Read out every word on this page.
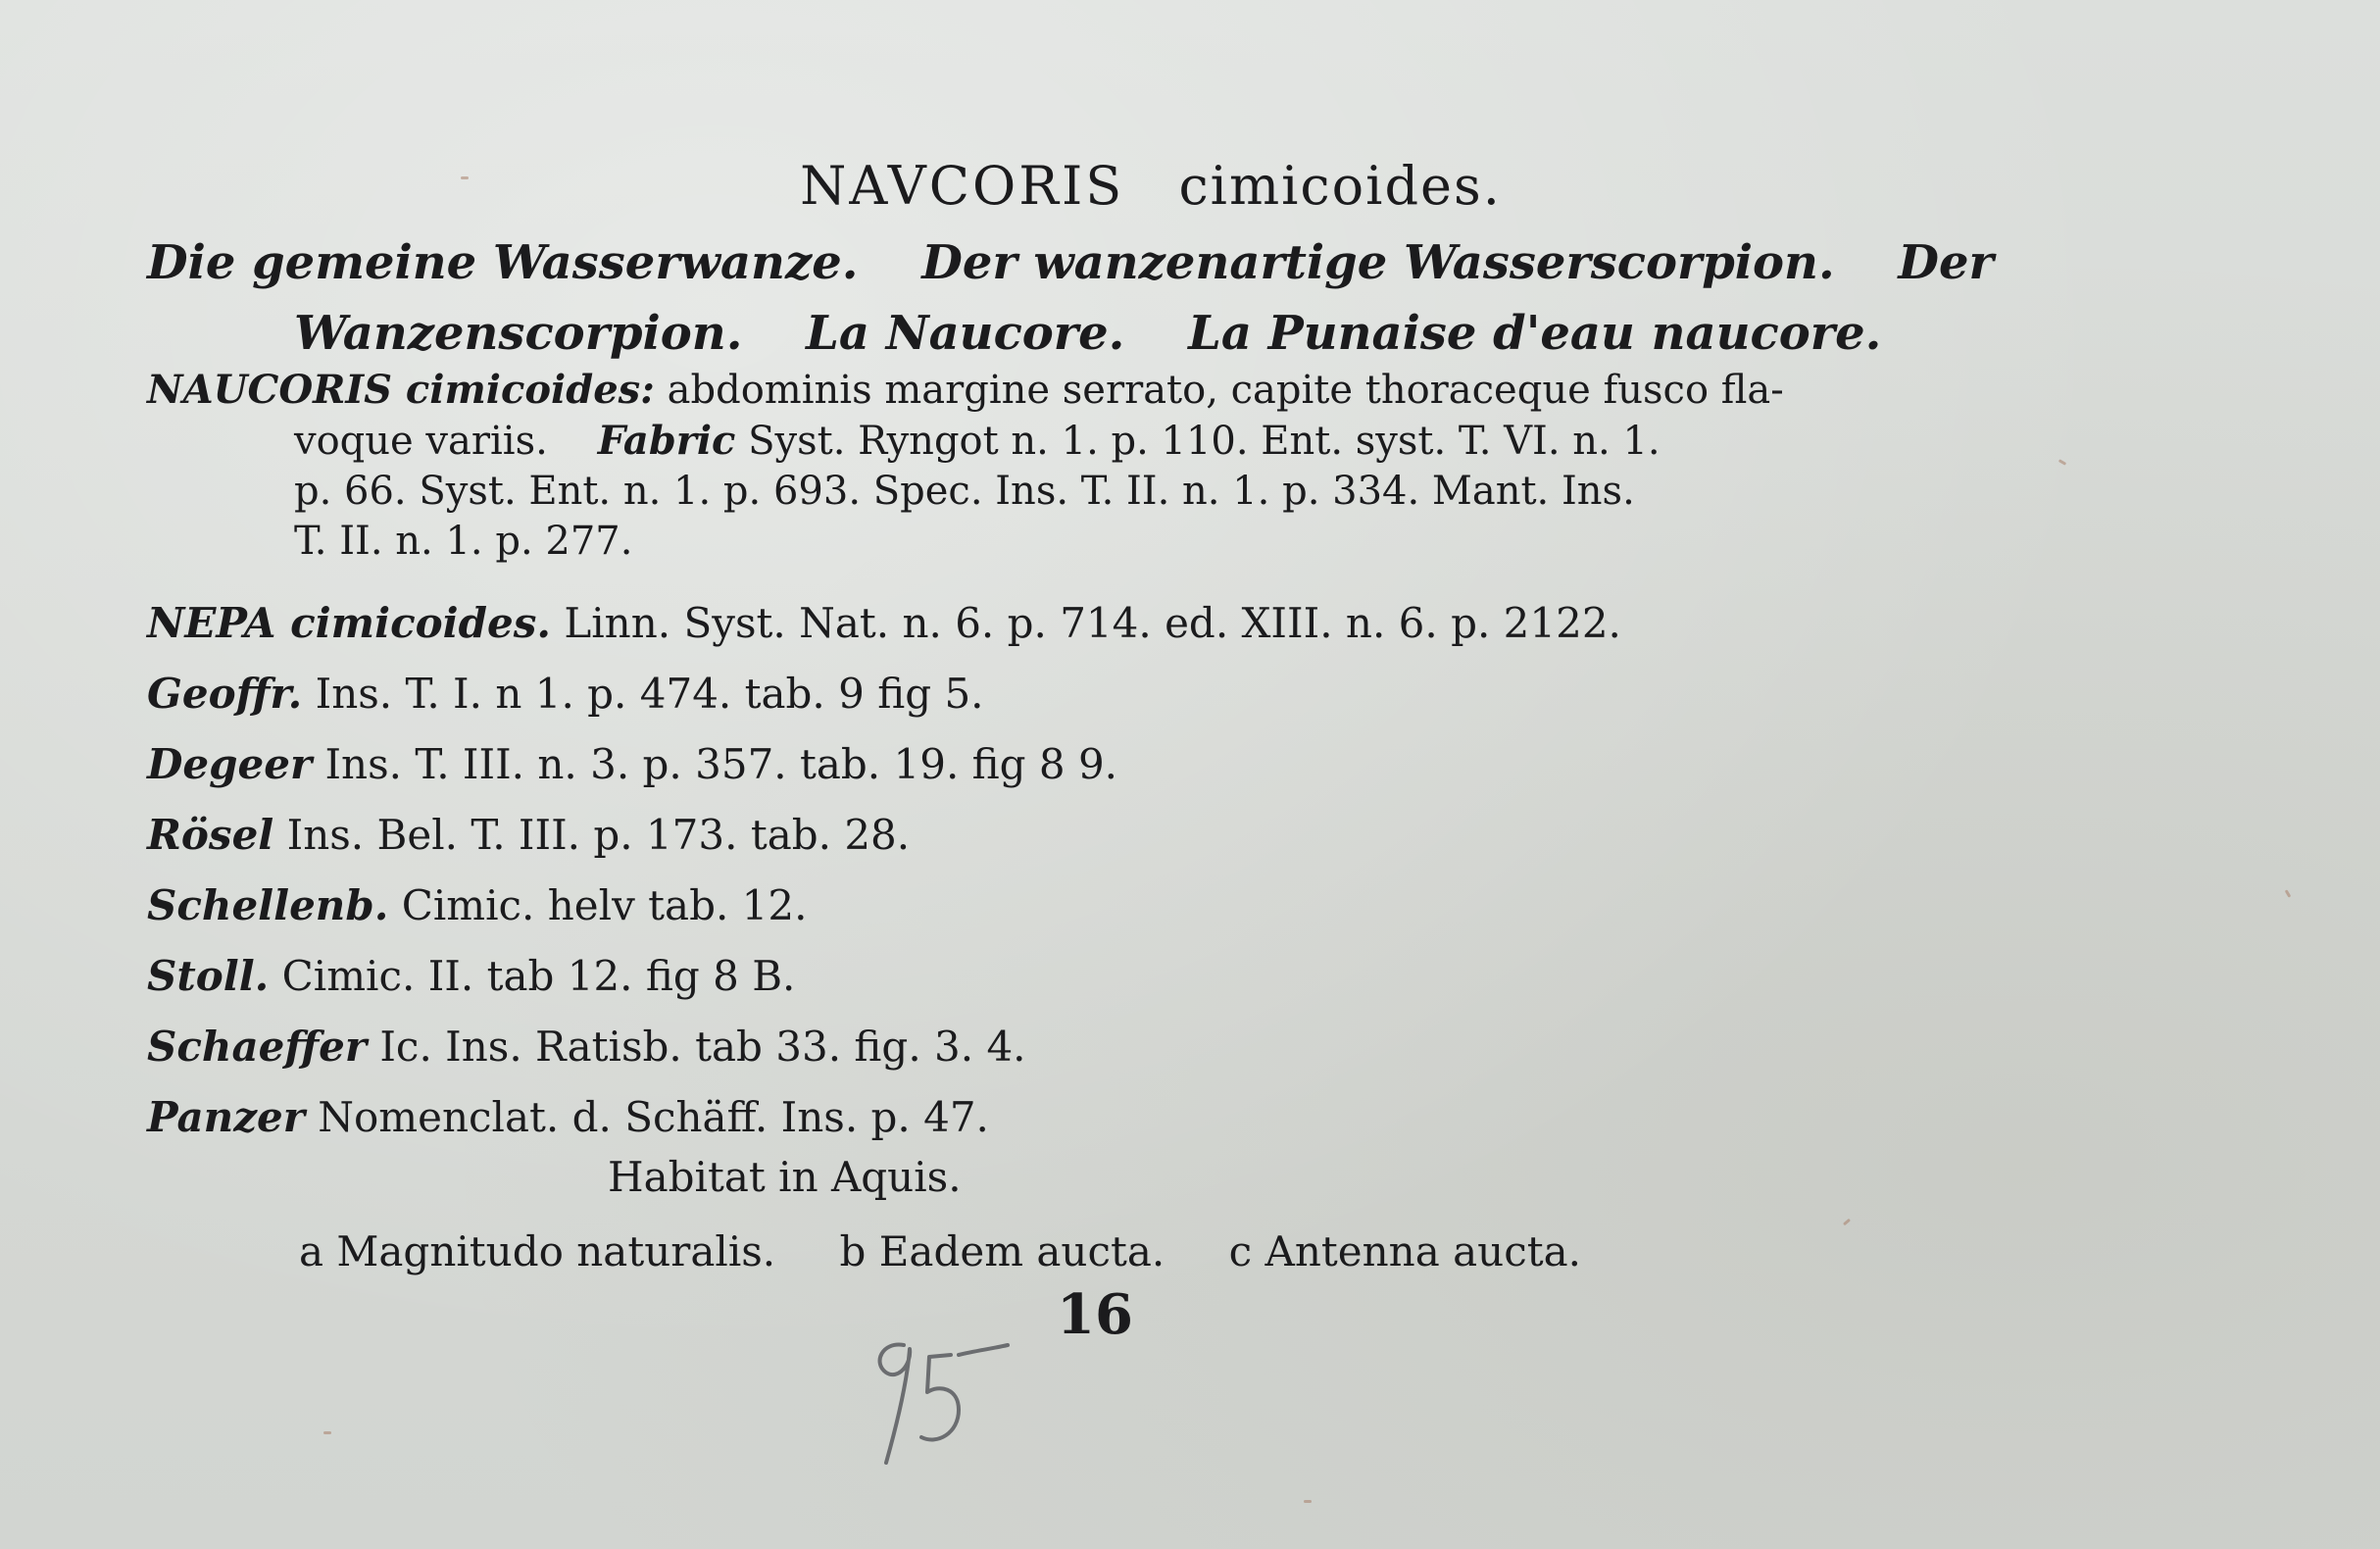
NAVCORIS cimicoides.
Die gemeine Wasserwanze. Der wanzenartige Wasserscorpion. Der
Wanzenscorpion. La Naucore. La Punaise d'eau naucore.
NAUCORIS cimicoides: abdominis margine serrato, capite thoraceque fusco fla-
voque variis. Fabric Syst. Ryngot n. 1. p. 110. Ent. syst. T. VI. n. 1.
p. 66. Syst. Ent. n. 1. p. 693. Spec. Ins. T. II. n. 1. p. 334. Mant. Ins.
T. II. n. 1. p. 277.
NEPA cimicoides. Linn. Syst. Nat. n. 6. p. 714. ed. XIII. n. 6. p. 2122.
Geoffr. Ins. T. I. n 1. p. 474. tab. 9 fig 5.
Degeer Ins. T. III. n. 3. p. 357. tab. 19. fig 8 9.
Rösel Ins. Bel. T. III. p. 173. tab. 28.
Schellenb. Cimic. helv tab. 12.
Stoll. Cimic. II. tab 12. fig 8 B.
Schaeffer Ic. Ins. Ratisb. tab 33. fig. 3. 4.
Panzer Nomenclat. d. Schäff. Ins. p. 47.
Habitat in Aquis.
a Magnitudo naturalis. b Eadem aucta. c Antenna aucta.
16
